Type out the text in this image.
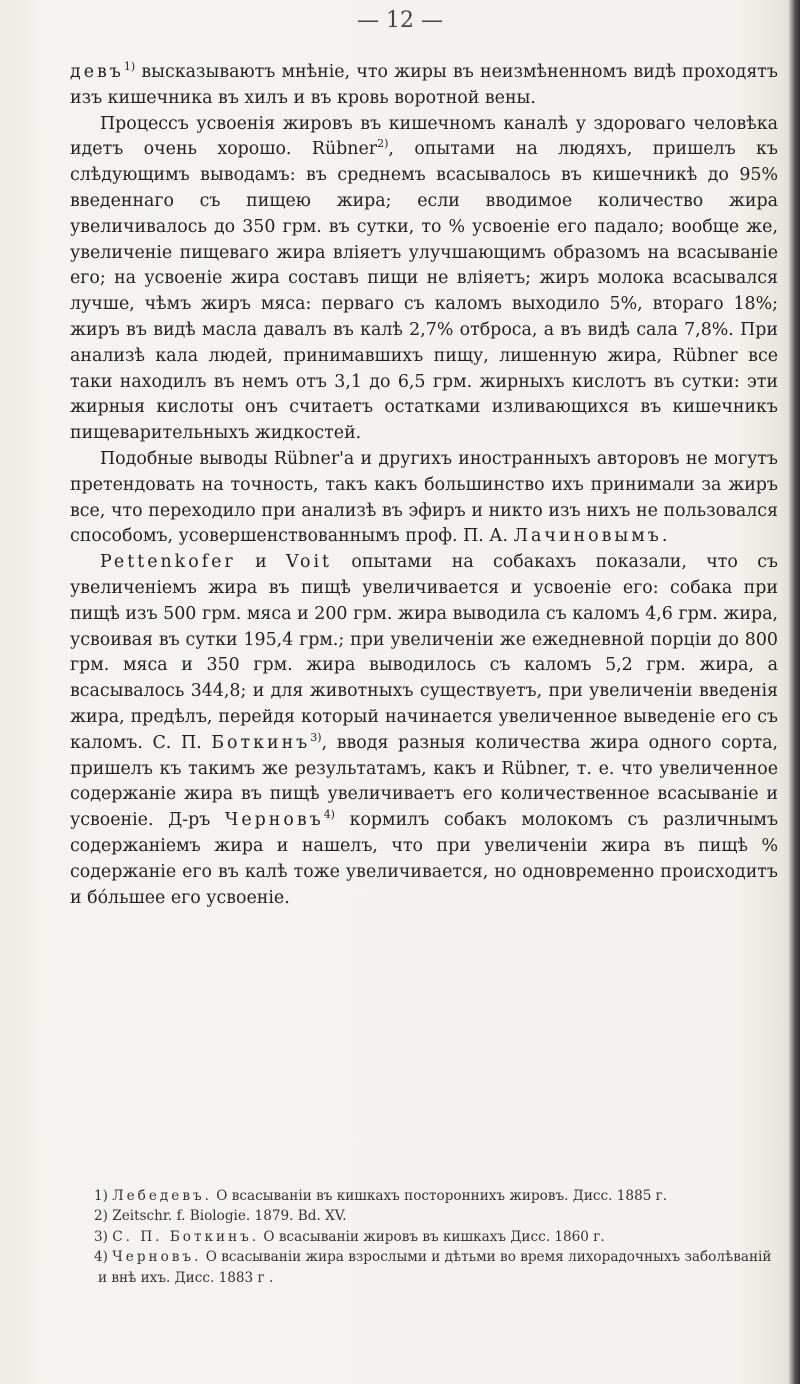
— 12 —

девъ$^{1)}$ высказываютъ мнѣніе, что жиры въ неизмѣненномъ видѣ проходятъ изъ кишечника въ хилъ и въ кровь воротной вены.

Процессъ усвоенія жировъ въ кишечномъ каналѣ у здороваго человѣка идетъ очень хорошо. Rübner$^{2)}$, опытами на людяхъ, пришелъ къ слѣдующимъ выводамъ: въ среднемъ всасывалось въ кишечникѣ до 95% введеннаго съ пищею жира; если вводимое количество жира увеличивалось до 350 грм. въ сутки, то % усвоеніе его падало; вообще же, увеличеніе пищеваго жира вліяетъ улучшающимъ образомъ на всасываніе его; на усвоеніе жира составъ пищи не вліяетъ; жиръ молока всасывался лучше, чѣмъ жиръ мяса: перваго съ каломъ выходило 5%, втораго 18%; жиръ въ видѣ масла давалъ въ калѣ 2,7% отброса, а въ видѣ сала 7,8%. При анализѣ кала людей, принимавшихъ пищу, лишенную жира, Rübner все таки находилъ въ немъ отъ 3,1 до 6,5 грм. жирныхъ кислотъ въ сутки: эти жирныя кислоты онъ считаетъ остатками изливающихся въ кишечникъ пищеварительныхъ жидкостей.

Подобные выводы Rübner'a и другихъ иностранныхъ авторовъ не могутъ претендовать на точность, такъ какъ большинство ихъ принимали за жиръ все, что переходило при анализѣ въ эфиръ и никто изъ нихъ не пользовался способомъ, усовершенствованнымъ проф. П. А. Лачиновымъ.

Pettenkofer и Voit опытами на собакахъ показали, что съ увеличеніемъ жира въ пищѣ увеличивается и усвоеніе его: собака при пищѣ изъ 500 грм. мяса и 200 грм. жира выводила съ каломъ 4,6 грм. жира, усвоивая въ сутки 195,4 грм.; при увеличеніи же ежедневной порціи до 800 грм. мяса и 350 грм. жира выводилось съ каломъ 5,2 грм. жира, а всасывалось 344,8; и для животныхъ существуетъ, при увеличеніи введенія жира, предѣлъ, перейдя который начинается увеличенное выведеніе его съ каломъ. С. П. Боткинъ$^{3)}$, вводя разныя количества жира одного сорта, пришелъ къ такимъ же результатамъ, какъ и Rübner, т. е. что увеличенное содержаніе жира въ пищѣ увеличиваетъ его количественное всасываніе и усвоеніе. Д-ръ Черновъ$^{4)}$ кормилъ собакъ молокомъ съ различнымъ содержаніемъ жира и нашелъ, что при увеличеніи жира въ пищѣ % содержаніе его въ калѣ тоже увеличивается, но одновременно происходитъ и бóльшее его усвоеніе.

1) Лебедевъ. О всасываніи въ кишкахъ постороннихъ жировъ. Дисс. 1885 г.

2) Zeitschr. f. Biologie. 1879. Bd. XV.

3) С. П. Боткинъ. О всасываніи жировъ въ кишкахъ Дисс. 1860 г.

4) Черновъ. О всасываніи жира взрослыми и дѣтьми во время лихорадочныхъ заболѣваній и внѣ ихъ. Дисс. 1883 г .
